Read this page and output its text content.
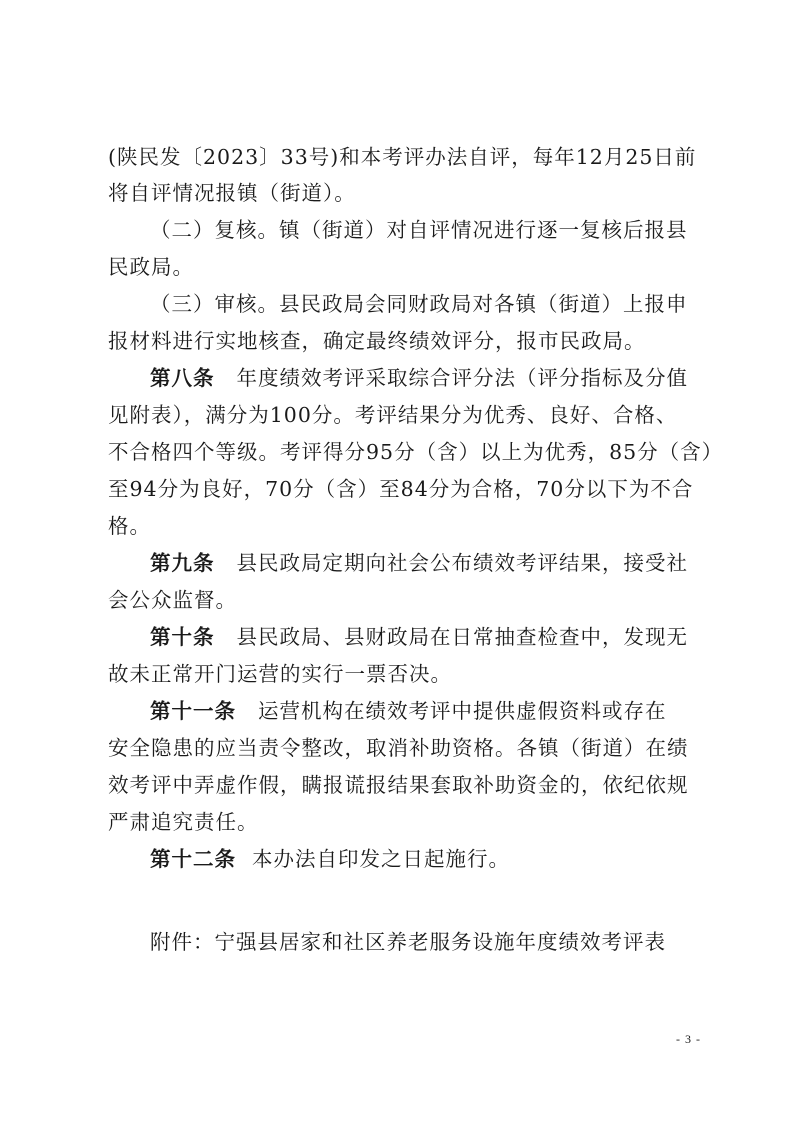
(陕民发〔2023〕33号)和本考评办法自评，每年12月25日前
将自评情况报镇（街道）。
（二）复核。镇（街道）对自评情况进行逐一复核后报县
民政局。
（三）审核。县民政局会同财政局对各镇（街道）上报申
报材料进行实地核查，确定最终绩效评分，报市民政局。
第八条 年度绩效考评采取综合评分法（评分指标及分值
见附表），满分为100分。考评结果分为优秀、良好、合格、
不合格四个等级。考评得分95分（含）以上为优秀，85分（含）
至94分为良好，70分（含）至84分为合格，70分以下为不合
格。
第九条 县民政局定期向社会公布绩效考评结果，接受社
会公众监督。
第十条 县民政局、县财政局在日常抽查检查中，发现无
故未正常开门运营的实行一票否决。
第十一条 运营机构在绩效考评中提供虚假资料或存在
安全隐患的应当责令整改，取消补助资格。各镇（街道）在绩
效考评中弄虚作假，瞒报谎报结果套取补助资金的，依纪依规
严肃追究责任。
第十二条 本办法自印发之日起施行。
附件：宁强县居家和社区养老服务设施年度绩效考评表
- 3 -
